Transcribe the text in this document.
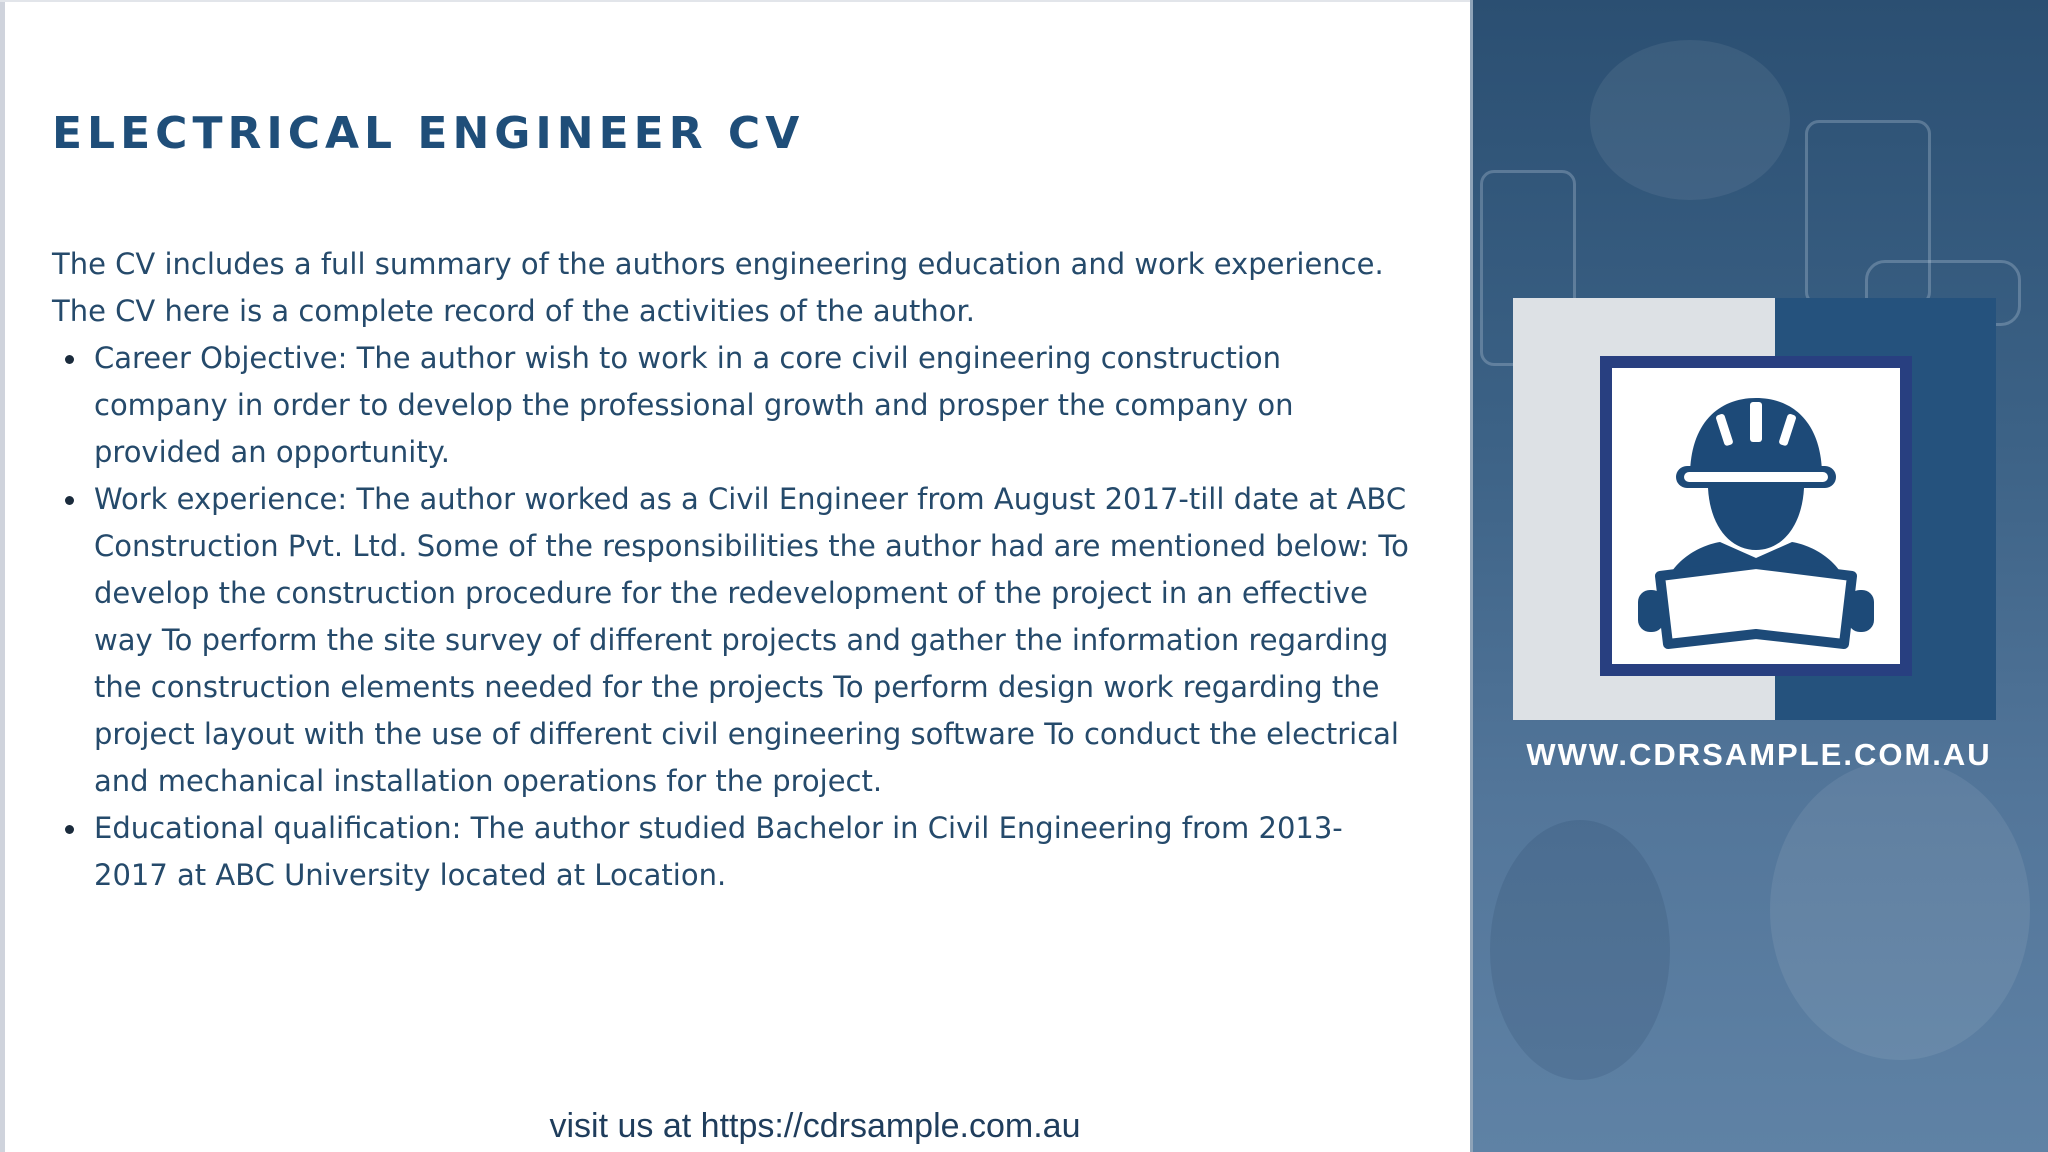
ELECTRICAL ENGINEER CV

The CV includes a full summary of the authors engineering education and work experience. The CV here is a complete record of the activities of the author.

Career Objective: The author wish to work in a core civil engineering construction company in order to develop the professional growth and prosper the company on provided an opportunity.
Work experience: The author worked as a Civil Engineer from August 2017-till date at ABC Construction Pvt. Ltd. Some of the responsibilities the author had are mentioned below: To develop the construction procedure for the redevelopment of the project in an effective way To perform the site survey of different projects and gather the information regarding the construction elements needed for the projects To perform design work regarding the project layout with the use of different civil engineering software To conduct the electrical and mechanical installation operations for the project.
Educational qualification: The author studied Bachelor in Civil Engineering from 2013-2017 at ABC University located at Location.
visit us at https://cdrsample.com.au
WWW.CDRSAMPLE.COM.AU
